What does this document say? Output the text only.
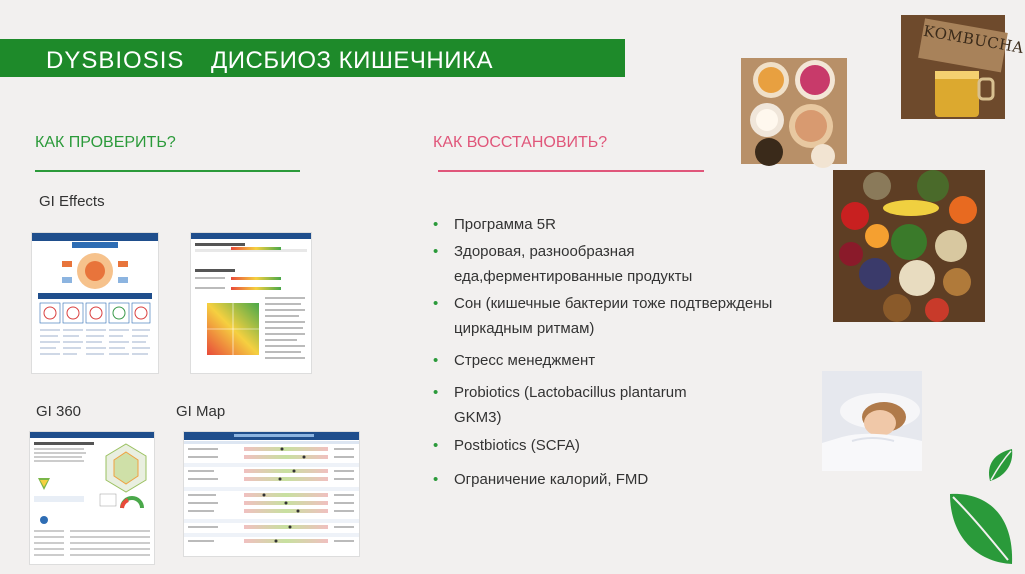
DYSBIOSIS ДИСБИОЗ КИШЕЧНИКА
КАК ПРОВЕРИТЬ?	КАК ВОССТАНОВИТЬ?
GI Effects
GI 360	GI Map
• Программа 5R
• Здоровая, разнообразная еда,ферментированные продукты
• Сон (кишечные бактерии тоже подтверждены циркадным ритмам)
• Стресс менеджмент
• Probiotics (Lactobacillus plantarum GKM3)
• Postbiotics (SCFA)
• Ограничение калорий, FMD
KOMBUCHA
